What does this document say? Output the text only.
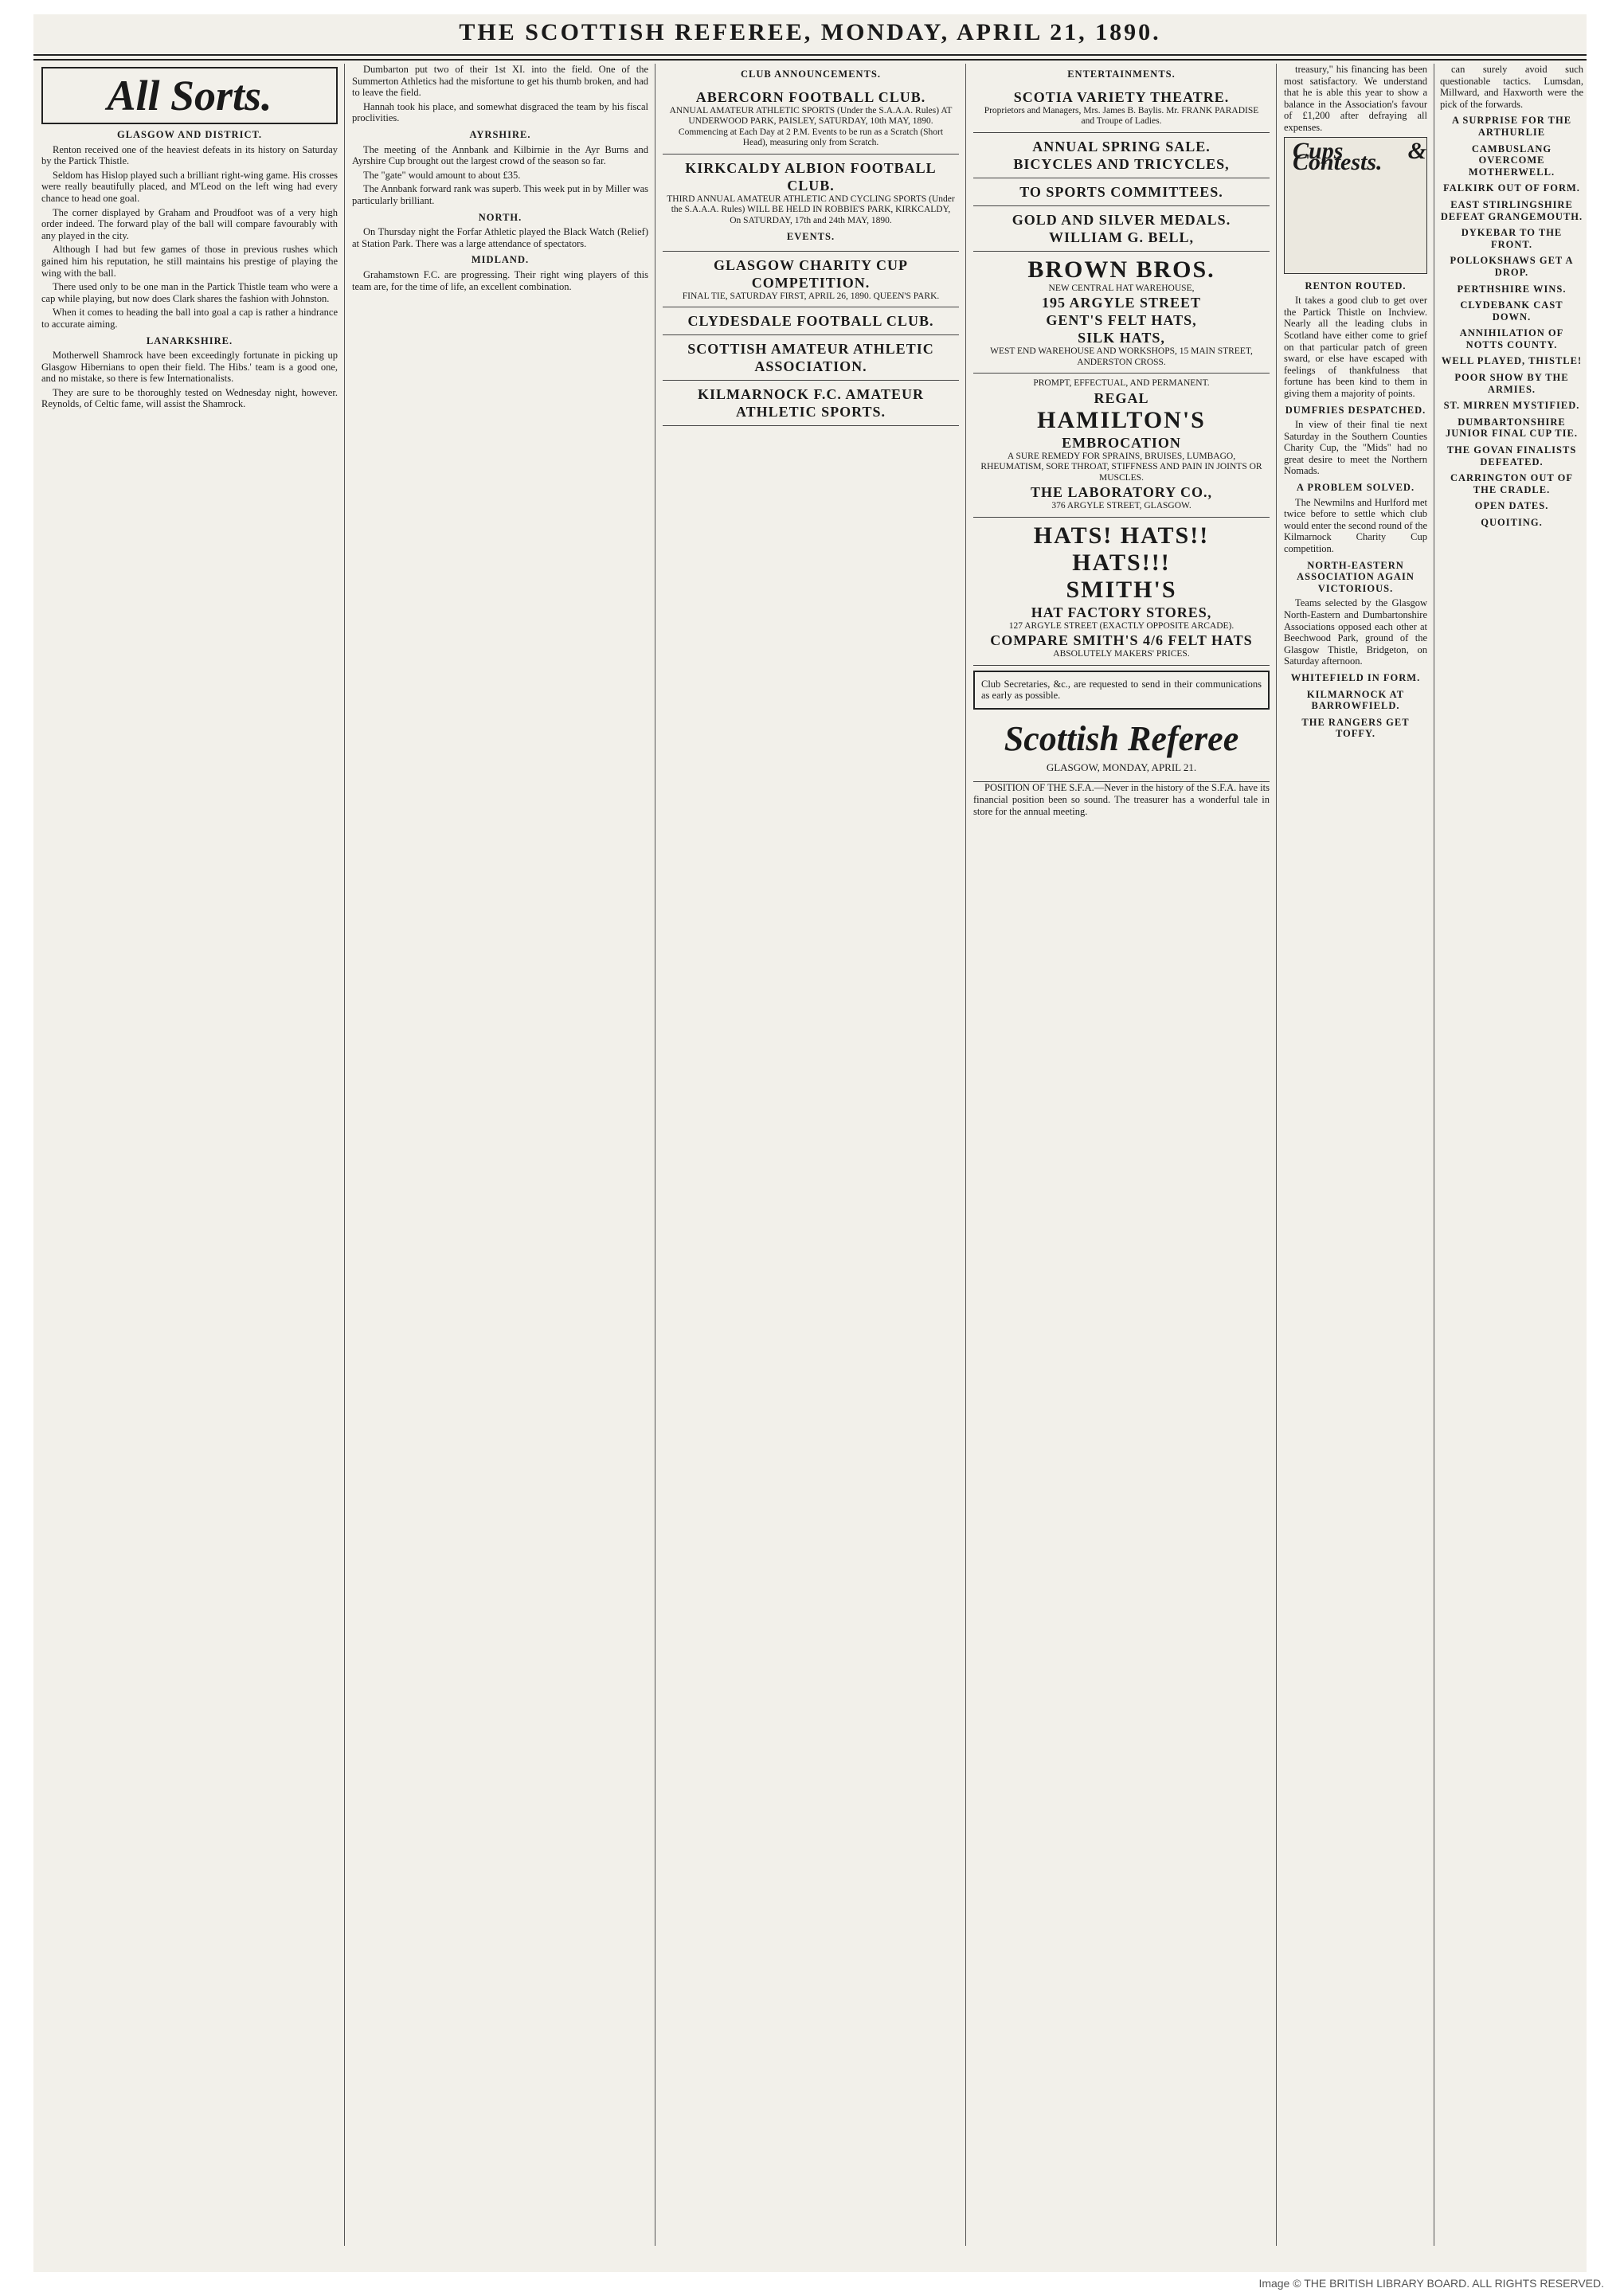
THE SCOTTISH REFEREE, MONDAY, APRIL 21, 1890.
All Sorts.
GLASGOW AND DISTRICT.

Renton received one of the heaviest defeats in its history on Saturday by the Partick Thistle.

Seldom has Hislop played such a brilliant right-wing game. His crosses were really beautifully placed, and M'Leod on the left wing had every chance to head one goal.

The corner displayed by Graham and Proudfoot was of a very high order indeed. The forward play of the ball will compare favourably with any played in the city.

Although I had but few games of those in previous rushes which gained him his reputation, he still maintains his prestige of playing the wing with the ball.

There used only to be one man in the Partick Thistle team who were a cap while playing, but now does Clark shares the fashion with Johnston.

When it comes to heading the ball into goal a cap is rather a hindrance to accurate aiming.

LANARKSHIRE.

Motherwell Shamrock have been exceedingly fortunate in picking up Glasgow Hibernians to open their field. The Hibs.' team is a good one, and no mistake, so there is few Internationalists.

They are sure to be thoroughly tested on Wednesday night, however. Reynolds, of Celtic fame, will assist the Shamrock.

Dumbarton put two of their 1st XI. into the field. One of the Summerton Athletics had the misfortune to get his thumb broken, and had to leave the field.

Hannah took his place, and somewhat disgraced the team by his fiscal proclivities.

AYRSHIRE.

The meeting of the Annbank and Kilbirnie in the Ayr Burns and Ayrshire Cup brought out the largest crowd of the season so far.

The "gate" would amount to about £35.

The Annbank forward rank was superb. This week put in by Miller was particularly brilliant.

NORTH.

On Thursday night the Forfar Athletic played the Black Watch (Relief) at Station Park. There was a large attendance of spectators.

MIDLAND.

Grahamstown F.C. are progressing. Their right wing players of this team are, for the time of life, an excellent combination.

CLUB ANNOUNCEMENTS.
ABERCORN FOOTBALL CLUB.
ANNUAL AMATEUR ATHLETIC SPORTS (Under the S.A.A.A. Rules) AT UNDERWOOD PARK, PAISLEY, SATURDAY, 10th MAY, 1890. Commencing at Each Day at 2 P.M. Events to be run as a Scratch (Short Head), measuring only from Scratch.
KIRKCALDY ALBION FOOTBALL CLUB.
THIRD ANNUAL AMATEUR ATHLETIC AND CYCLING SPORTS (Under the S.A.A.A. Rules) WILL BE HELD IN ROBBIE'S PARK, KIRKCALDY, On SATURDAY, 17th and 24th MAY, 1890.
EVENTS.
GLASGOW CHARITY CUP COMPETITION.
FINAL TIE, SATURDAY FIRST, APRIL 26, 1890. QUEEN'S PARK.
CLYDESDALE FOOTBALL CLUB.
SCOTTISH AMATEUR ATHLETIC ASSOCIATION.
KILMARNOCK F.C. AMATEUR ATHLETIC SPORTS.
ENTERTAINMENTS.
SCOTIA VARIETY THEATRE.
Proprietors and Managers, Mrs. James B. Baylis. Mr. FRANK PARADISE and Troupe of Ladies.
ANNUAL SPRING SALE.
BICYCLES AND TRICYCLES,
TO SPORTS COMMITTEES.
GOLD AND SILVER MEDALS.
WILLIAM G. BELL,
BROWN BROS.
NEW CENTRAL HAT WAREHOUSE,
195 ARGYLE STREET
GENT'S FELT HATS,
SILK HATS,
WEST END WAREHOUSE AND WORKSHOPS, 15 MAIN STREET, ANDERSTON CROSS.
PROMPT, EFFECTUAL, AND PERMANENT.
REGAL
HAMILTON'S
EMBROCATION
A SURE REMEDY FOR SPRAINS, BRUISES, LUMBAGO, RHEUMATISM, SORE THROAT, STIFFNESS AND PAIN IN JOINTS OR MUSCLES.
THE LABORATORY CO.,
376 ARGYLE STREET, GLASGOW.
HATS! HATS!!
HATS!!!
SMITH'S
HAT FACTORY STORES,
127 ARGYLE STREET (EXACTLY OPPOSITE ARCADE).
COMPARE SMITH'S 4/6 FELT HATS
ABSOLUTELY MAKERS' PRICES.
Club Secretaries, &c., are requested to send in their communications as early as possible.
Scottish Referee
GLASGOW, MONDAY, APRIL 21.

POSITION OF THE S.F.A.—Never in the history of the S.F.A. have its financial position been so sound. The treasurer has a wonderful tale in store for the annual meeting.

treasury," his financing has been most satisfactory. We understand that he is able this year to show a balance in the Association's favour of £1,200 after defraying all expenses.

Cups & Contests.
RENTON ROUTED.

It takes a good club to get over the Partick Thistle on Inchview. Nearly all the leading clubs in Scotland have either come to grief on that particular patch of green sward, or else have escaped with feelings of thankfulness that fortune has been kind to them in giving them a majority of points.

DUMFRIES DESPATCHED.

In view of their final tie next Saturday in the Southern Counties Charity Cup, the "Mids" had no great desire to meet the Northern Nomads.

A PROBLEM SOLVED.

The Newmilns and Hurlford met twice before to settle which club would enter the second round of the Kilmarnock Charity Cup competition.

NORTH-EASTERN ASSOCIATION AGAIN VICTORIOUS.

Teams selected by the Glasgow North-Eastern and Dumbartonshire Associations opposed each other at Beechwood Park, ground of the Glasgow Thistle, Bridgeton, on Saturday afternoon.

WHITEFIELD IN FORM.
KILMARNOCK AT BARROWFIELD.
THE RANGERS GET TOFFY.

can surely avoid such questionable tactics. Lumsdan, Millward, and Haxworth were the pick of the forwards.

A SURPRISE FOR THE ARTHURLIE
CAMBUSLANG OVERCOME MOTHERWELL.
FALKIRK OUT OF FORM.
EAST STIRLINGSHIRE DEFEAT GRANGEMOUTH.
DYKEBAR TO THE FRONT.
POLLOKSHAWS GET A DROP.
PERTHSHIRE WINS.
CLYDEBANK CAST DOWN.
ANNIHILATION OF NOTTS COUNTY.
WELL PLAYED, THISTLE!
POOR SHOW BY THE ARMIES.
ST. MIRREN MYSTIFIED.
DUMBARTONSHIRE JUNIOR FINAL CUP TIE.
THE GOVAN FINALISTS DEFEATED.
CARRINGTON OUT OF THE CRADLE.
OPEN DATES.
QUOITING.
Image © THE BRITISH LIBRARY BOARD. ALL RIGHTS RESERVED.
